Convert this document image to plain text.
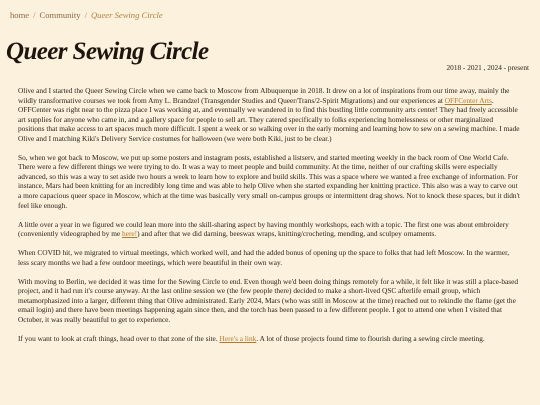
home / Community / Queer Sewing Circle
Queer Sewing Circle
2018 - 2021 , 2024 - present

Olive and I started the Queer Sewing Circle when we came back to Moscow from Albuquerque in 2018. It drew on a lot of inspirations from our time away, mainly the wildly transformative courses we took from Amy L. Brandzel (Transgender Studies and Queer/Trans/2-Spirit Migrations) and our experiences at OFFCenter Arts. OFFCenter was right near to the pizza place I was working at, and eventually we wandered in to find this bustling little community arts center! They had freely accessible art supplies for anyone who came in, and a gallery space for people to sell art. They catered specifically to folks experiencing homelessness or other marginalized positions that make access to art spaces much more difficult. I spent a week or so walking over in the early morning and learning how to sew on a sewing machine. I made Olive and I matching Kiki's Delivery Service costumes for halloween (we were both Kiki, just to be clear.)

So, when we got back to Moscow, we put up some posters and instagram posts, established a listserv, and started meeting weekly in the back room of One World Cafe. There were a few different things we were trying to do. It was a way to meet people and build community. At the time, neither of our crafting skills were especially advanced, so this was a way to set aside two hours a week to learn how to explore and build skills. This was a space where we wanted a free exchange of information. For instance, Mars had been knitting for an incredibly long time and was able to help Olive when she started expanding her knitting practice. This also was a way to carve out a more capacious queer space in Moscow, which at the time was basically very small on-campus groups or intermittent drag shows. Not to knock these spaces, but it didn't feel like enough.

A little over a year in we figured we could lean more into the skill-sharing aspect by having monthly workshops, each with a topic. The first one was about embroidery (conveniently videographed by me here!) and after that we did darning, beeswax wraps, knitting/crocheting, mending, and sculpey ornaments.

When COVID hit, we migrated to virtual meetings, which worked well, and had the added bonus of opening up the space to folks that had left Moscow. In the warmer, less scary months we had a few outdoor meetings, which were beautiful in their own way.

With moving to Berlin, we decided it was time for the Sewing Circle to end. Even though we'd been doing things remotely for a while, it felt like it was still a place-based project, and it had run it's course anyway. At the last online session we (the few people there) decided to make a short-lived QSC afterlife email group, which metamorphasized into a larger, different thing that Olive administrated. Early 2024, Mars (who was still in Moscow at the time) reached out to rekindle the flame (get the email login) and there have been meetings happening again since then, and the torch has been passed to a few different people. I got to attend one when I visited that October, it was really beautiful to get to experience.

If you want to look at craft things, head over to that zone of the site. Here's a link. A lot of those projects found time to flourish during a sewing circle meeting.
